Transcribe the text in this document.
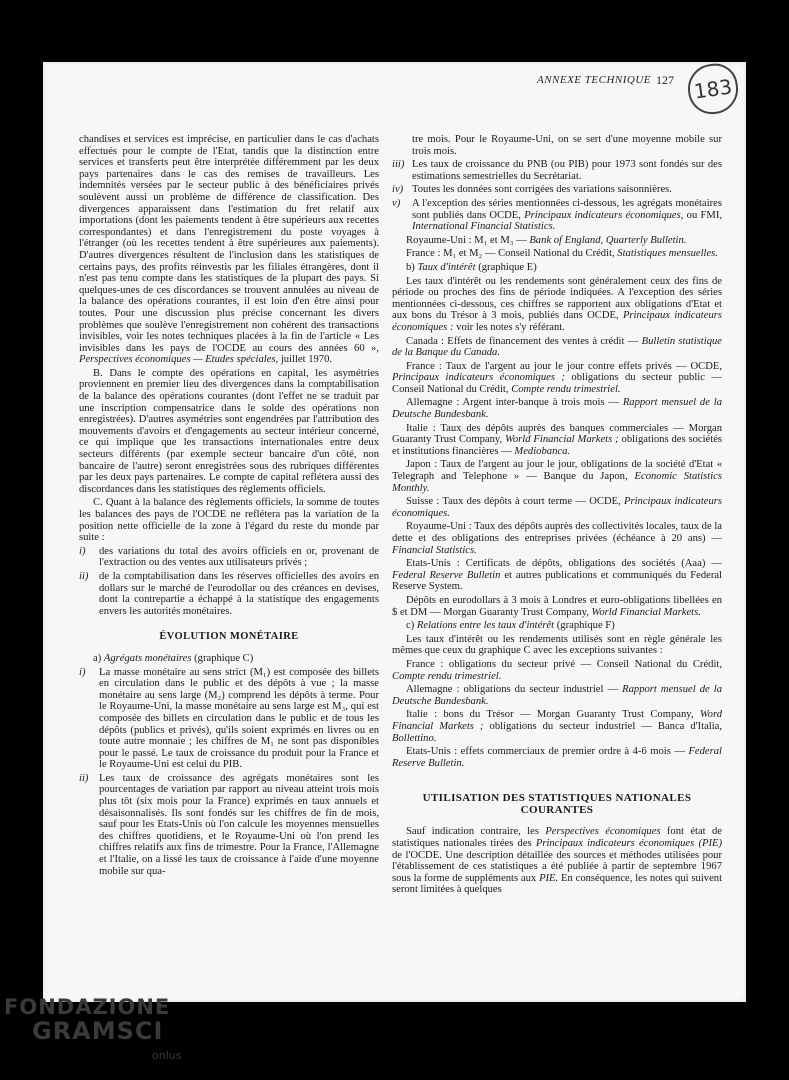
ANNEXE TECHNIQUE 127 183

chandises et services est imprécise, en particulier dans le cas d'achats effectués pour le compte de l'Etat, tandis que la distinction entre services et transferts peut être interprétée différemment par les deux pays partenaires dans le cas des remises de travailleurs. Les indemnités versées par le secteur public à des bénéficiaires privés soulèvent aussi un problème de différence de classification. Des divergences apparaissent dans l'estimation du fret relatif aux importations (dont les paiements tendent à être supérieurs aux recettes correspondantes) et dans l'enregistrement du poste voyages à l'étranger (où les recettes tendent à être supérieures aux paiements). D'autres divergences résultent de l'inclusion dans les statistiques de certains pays, des profits réinvestis par les filiales étrangères, dont il n'est pas tenu compte dans les statistiques de la plupart des pays. Si quelques-unes de ces discordances se trouvent annulées au niveau de la balance des opérations courantes, il est loin d'en être ainsi pour toutes. Pour une discussion plus précise concernant les divers problèmes que soulève l'enregistrement non cohérent des transactions invisibles, voir les notes techniques placées à la fin de l'article « Les invisibles dans les pays de l'OCDE au cours des années 60 », Perspectives économiques — Etudes spéciales, juillet 1970.

B. Dans le compte des opérations en capital, les asymétries proviennent en premier lieu des divergences dans la comptabilisation de la balance des opérations courantes (dont l'effet ne se traduit par une inscription compensatrice dans le solde des opérations non enregistrées). D'autres asymétries sont engendrées par l'attribution des mouvements d'avoirs et d'engagements au secteur intérieur concerné, ce qui implique que les transactions internationales entre deux secteurs différents (par exemple secteur bancaire d'un côté, non bancaire de l'autre) seront enregistrées sous des rubriques différentes par les deux pays partenaires. Le compte de capital reflétera aussi des discordances dans les statistiques des règlements officiels.

C. Quant à la balance des règlements officiels, la somme de toutes les balances des pays de l'OCDE ne reflétera pas la variation de la position nette officielle de la zone à l'égard du reste du monde par suite :

i) des variations du total des avoirs officiels en or, provenant de l'extraction ou des ventes aux utilisateurs privés ;
ii) de la comptabilisation dans les réserves officielles des avoirs en dollars sur le marché de l'eurodollar ou des créances en devises, dont la contrepartie a échappé à la statistique des engagements envers les autorités monétaires.
ÉVOLUTION MONÉTAIRE

a) Agrégats monétaires (graphique C)

i) La masse monétaire au sens strict (M₁) est composée des billets en circulation dans le public et des dépôts à vue ; la masse monétaire au sens large (M₂) comprend les dépôts à terme. Pour le Royaume-Uni, la masse monétaire au sens large est M₃, qui est composée des billets en circulation dans le public et de tous les dépôts (publics et privés), qu'ils soient exprimés en livres ou en toute autre monnaie ; les chiffres de M₁ ne sont pas disponibles pour le passé. Le taux de croissance du produit pour la France et le Royaume-Uni est celui du PIB.
ii) Les taux de croissance des agrégats monétaires sont les pourcentages de variation par rapport au niveau atteint trois mois plus tôt (six mois pour la France) exprimés en taux annuels et désaisonnalisés. Ils sont fondés sur les chiffres de fin de mois, sauf pour les Etats-Unis où l'on calcule les moyennes mensuelles des chiffres quotidiens, et le Royaume-Uni où l'on prend les chiffres relatifs aux fins de trimestre. Pour la France, l'Allemagne et l'Italie, on a lissé les taux de croissance à l'aide d'une moyenne mobile sur qua-

tre mois. Pour le Royaume-Uni, on se sert d'une moyenne mobile sur trois mois.

iii) Les taux de croissance du PNB (ou PIB) pour 1973 sont fondés sur des estimations semestrielles du Secrétariat.
iv) Toutes les données sont corrigées des variations saisonnières.
v) A l'exception des séries mentionnées ci-dessous, les agrégats monétaires sont publiés dans OCDE, Principaux indicateurs économiques, ou FMI, International Financial Statistics.

Royaume-Uni : M₁ et M₃ — Bank of England, Quarterly Bulletin.

France : M₁ et M₂ — Conseil National du Crédit, Statistiques mensuelles.

b) Taux d'intérêt (graphique E)

Les taux d'intérêt ou les rendements sont généralement ceux des fins de période ou proches des fins de période indiquées. A l'exception des séries mentionnées ci-dessous, ces chiffres se rapportent aux obligations d'Etat et aux bons du Trésor à 3 mois, publiés dans OCDE, Principaux indicateurs économiques : voir les notes s'y référant.

Canada : Effets de financement des ventes à crédit — Bulletin statistique de la Banque du Canada.

France : Taux de l'argent au jour le jour contre effets privés — OCDE, Principaux indicateurs économiques ; obligations du secteur public — Conseil National du Crédit, Compte rendu trimestriel.

Allemagne : Argent inter-banque à trois mois — Rapport mensuel de la Deutsche Bundesbank.

Italie : Taux des dépôts auprès des banques commerciales — Morgan Guaranty Trust Company, World Financial Markets ; obligations des sociétés et institutions financières — Mediobanca.

Japon : Taux de l'argent au jour le jour, obligations de la société d'Etat « Telegraph and Telephone » — Banque du Japon, Economic Statistics Monthly.

Suisse : Taux des dépôts à court terme — OCDE, Principaux indicateurs économiques.

Royaume-Uni : Taux des dépôts auprès des collectivités locales, taux de la dette et des obligations des entreprises privées (échéance à 20 ans) — Financial Statistics.

Etats-Unis : Certificats de dépôts, obligations des sociétés (Aaa) — Federal Reserve Bulletin et autres publications et communiqués du Federal Reserve System.

Dépôts en eurodollars à 3 mois à Londres et euro-obligations libellées en $ et DM — Morgan Guaranty Trust Company, World Financial Markets.

c) Relations entre les taux d'intérêt (graphique F)

Les taux d'intérêt ou les rendements utilisés sont en règle générale les mêmes que ceux du graphique C avec les exceptions suivantes :

France : obligations du secteur privé — Conseil National du Crédit, Compte rendu trimestriel.

Allemagne : obligations du secteur industriel — Rapport mensuel de la Deutsche Bundesbank.

Italie : bons du Trésor — Morgan Guaranty Trust Company, Word Financial Markets ; obligations du secteur industriel — Banca d'Italia, Bollettino.

Etats-Unis : effets commerciaux de premier ordre à 4-6 mois — Federal Reserve Bulletin.

UTILISATION DES STATISTIQUES NATIONALES COURANTES

Sauf indication contraire, les Perspectives économiques font état de statistiques nationales tirées des Principaux indicateurs économiques (PIE) de l'OCDE. Une description détaillée des sources et méthodes utilisées pour l'établissement de ces statistiques a été publiée à partir de septembre 1967 sous la forme de suppléments aux PIE. En conséquence, les notes qui suivent seront limitées à quelques

FONDAZIONE
GRAMSCI
onlus
